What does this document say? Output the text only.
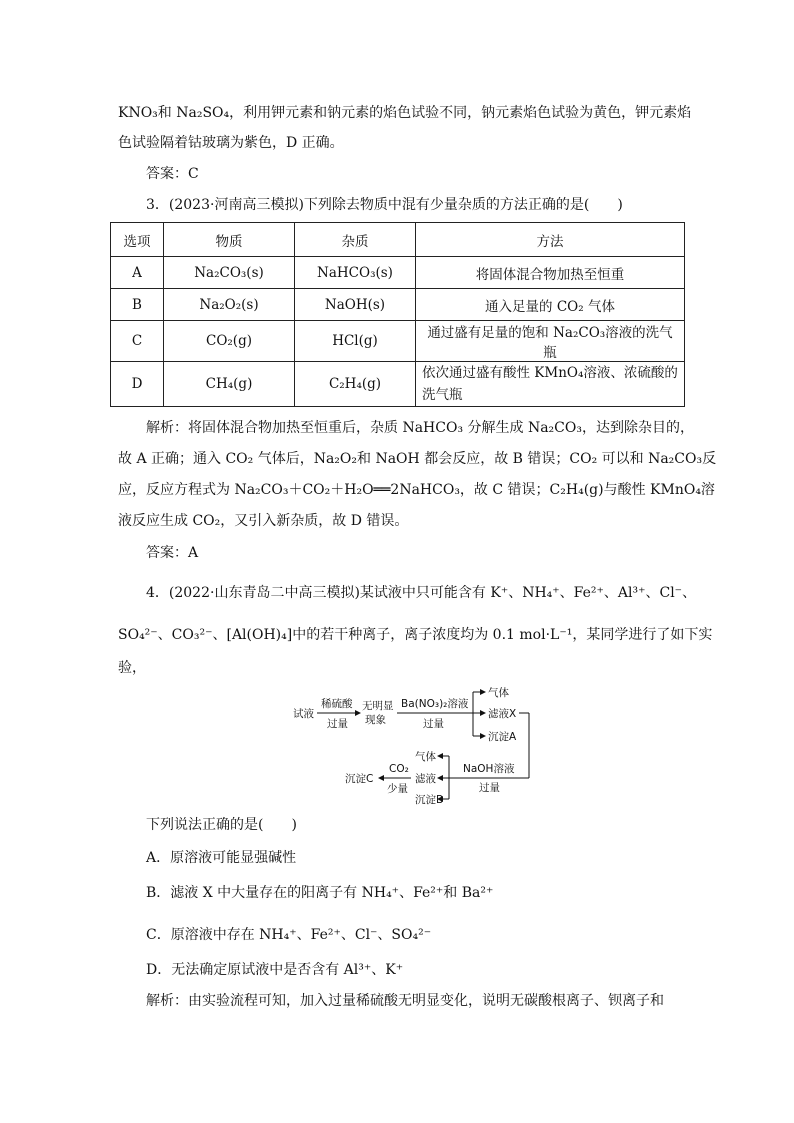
KNO₃和 Na₂SO₄，利用钾元素和钠元素的焰色试验不同，钠元素焰色试验为黄色，钾元素焰
色试验隔着钴玻璃为紫色，D 正确。
答案：C
3．(2023·河南高三模拟)下列除去物质中混有少量杂质的方法正确的是(　　)
选项	物质	杂质	方法
A	Na₂CO₃(s)	NaHCO₃(s)	将固体混合物加热至恒重
B	Na₂O₂(s)	NaOH(s)	通入足量的 CO₂ 气体
C	CO₂(g)	HCl(g)	通过盛有足量的饱和 Na₂CO₃溶液的洗气瓶
D	CH₄(g)	C₂H₄(g)	依次通过盛有酸性 KMnO₄溶液、浓硫酸的洗气瓶
解析：将固体混合物加热至恒重后，杂质 NaHCO₃ 分解生成 Na₂CO₃，达到除杂目的，
故 A 正确；通入 CO₂ 气体后，Na₂O₂和 NaOH 都会反应，故 B 错误；CO₂ 可以和 Na₂CO₃反
应，反应方程式为 Na₂CO₃＋CO₂＋H₂O══2NaHCO₃，故 C 错误；C₂H₄(g)与酸性 KMnO₄溶
液反应生成 CO₂，又引入新杂质，故 D 错误。
答案：A
4．(2022·山东青岛二中高三模拟)某试液中只可能含有 K⁺、NH₄⁺、Fe²⁺、Al³⁺、Cl⁻、
SO₄²⁻、CO₃²⁻、[Al(OH)₄]中的若干种离子，离子浓度均为 0.1 mol·L⁻¹，某同学进行了如下实
验，
试液
稀硫酸
过量
无明显
现象
Ba(NO₃)₂溶液
过量
气体
滤液X
沉淀A
NaOH溶液
过量
气体
滤液
沉淀B
CO₂
少量
沉淀C
下列说法正确的是(　　)
A．原溶液可能显强碱性
B．滤液 X 中大量存在的阳离子有 NH₄⁺、Fe²⁺和 Ba²⁺
C．原溶液中存在 NH₄⁺、Fe²⁺、Cl⁻、SO₄²⁻
D．无法确定原试液中是否含有 Al³⁺、K⁺
解析：由实验流程可知，加入过量稀硫酸无明显变化，说明无碳酸根离子、钡离子和
